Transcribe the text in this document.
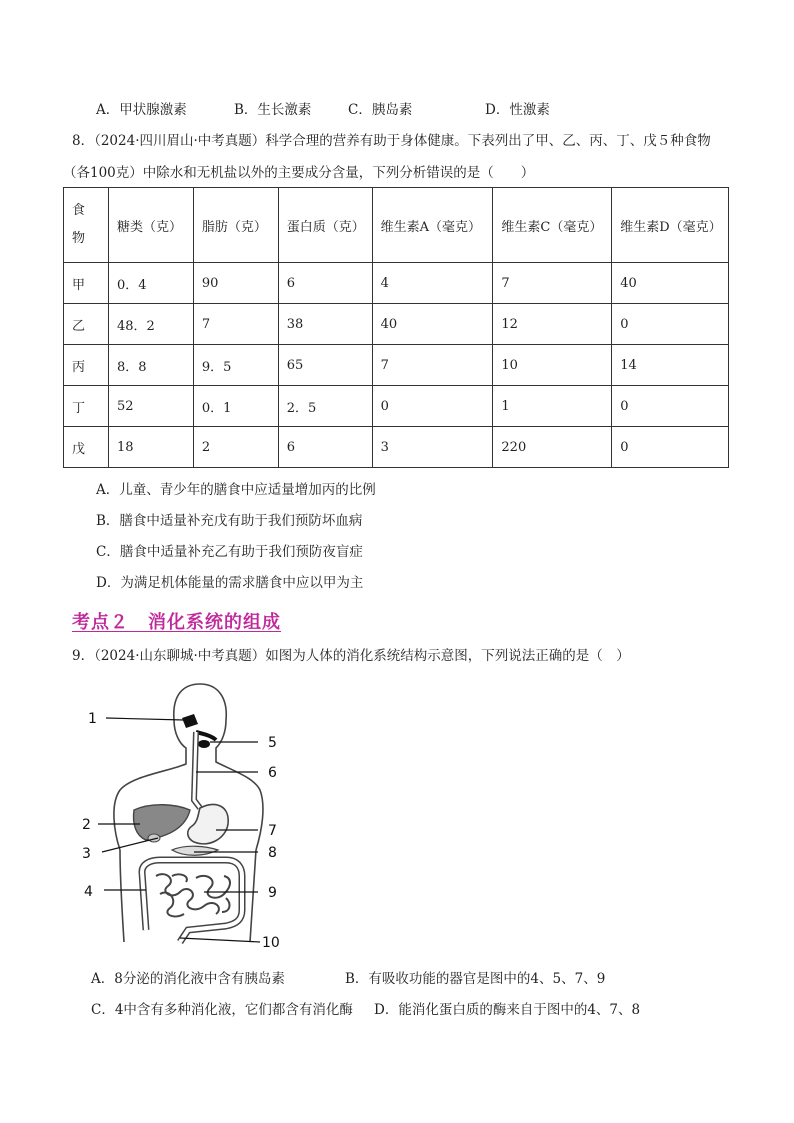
A．甲状腺激素	B．生长激素	C．胰岛素	D．性激素
8．（2024·四川眉山·中考真题）科学合理的营养有助于身体健康。下表列出了甲、乙、丙、丁、戊５种食物
（各100克）中除水和无机盐以外的主要成分含量，下列分析错误的是（　　）
食
物	糖类（克）	脂肪（克）	蛋白质（克）	维生素A（毫克）	维生素C（毫克）	维生素D（毫克）
甲	0．4	90	6	4	7	40
乙	48．2	7	38	40	12	0
丙	8．8	9．5	65	7	10	14
丁	52	0．1	2．5	0	1	0
戊	18	2	6	3	220	0
A．儿童、青少年的膳食中应适量增加丙的比例
B．膳食中适量补充戊有助于我们预防坏血病
C．膳食中适量补充乙有助于我们预防夜盲症
D．为满足机体能量的需求膳食中应以甲为主
考点２　消化系统的组成
9．（2024·山东聊城·中考真题）如图为人体的消化系统结构示意图，下列说法正确的是（　）
1
2
3
4
5
6
7
8
9
10
A．8分泌的消化液中含有胰岛素	B．有吸收功能的器官是图中的4、5、7、9
C．4中含有多种消化液，它们都含有消化酶 D．能消化蛋白质的酶来自于图中的4、7、8
